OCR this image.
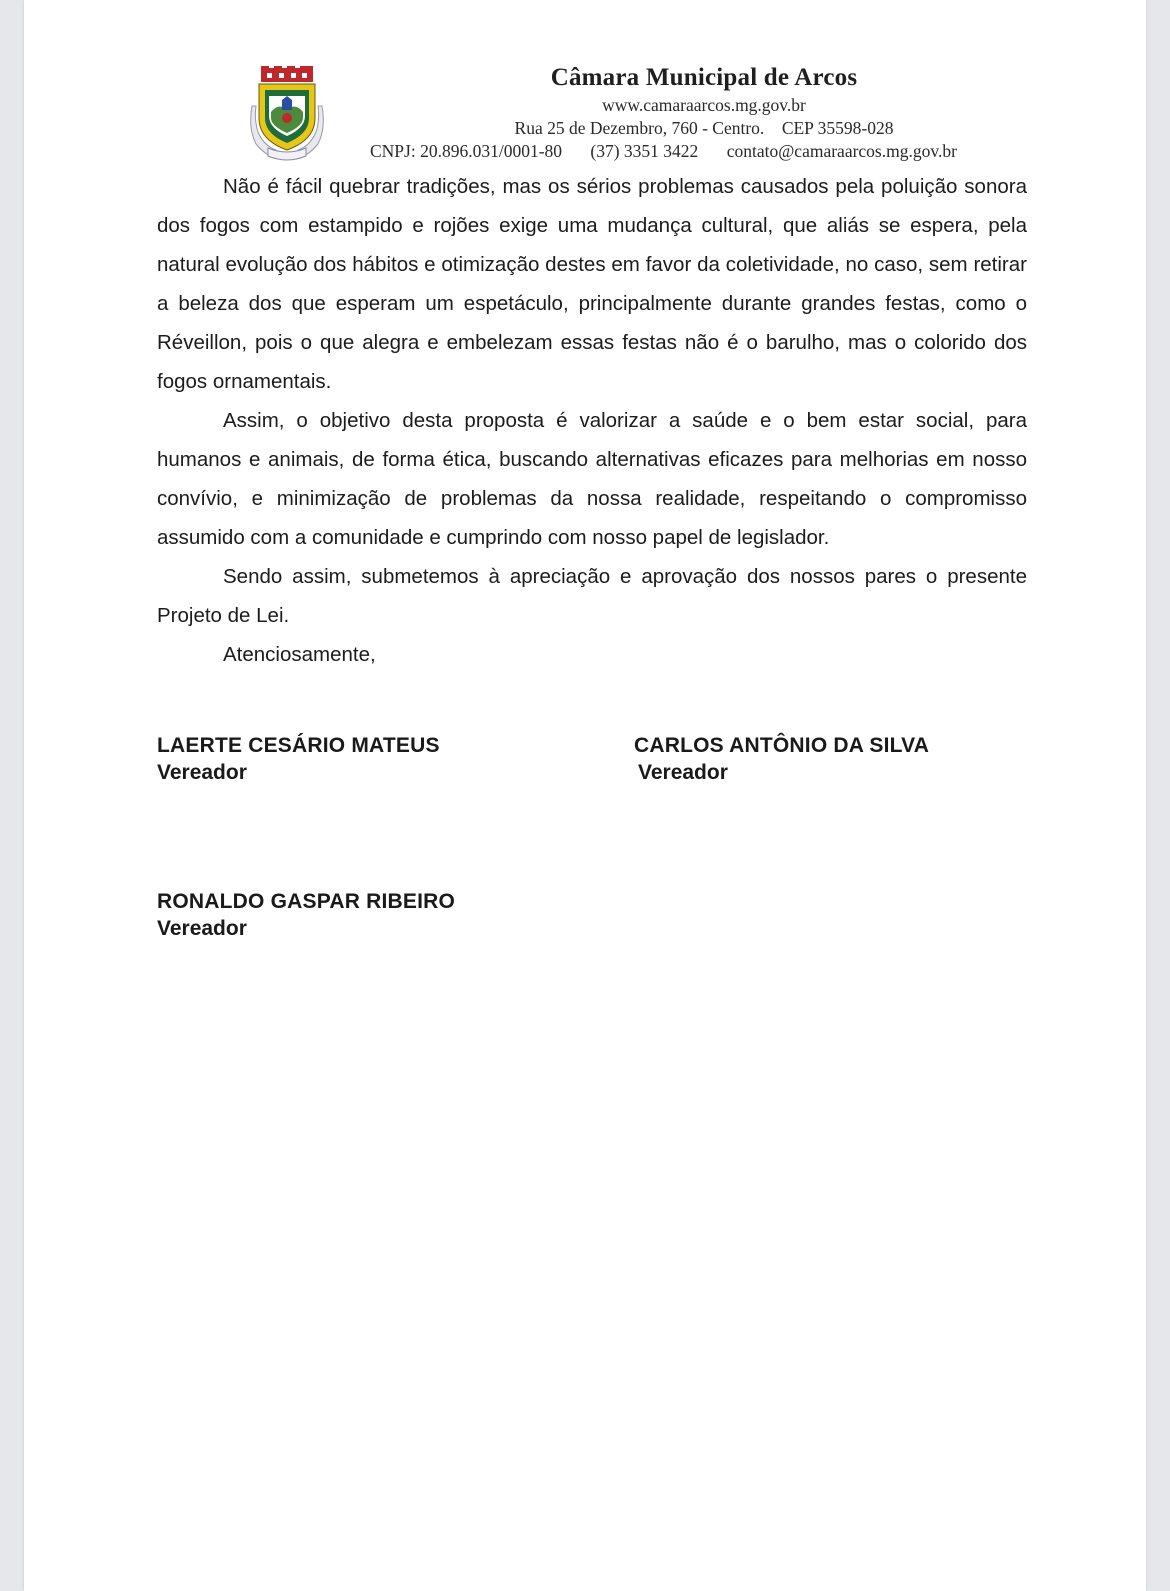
Câmara Municipal de Arcos
www.camaraarcos.mg.gov.br
Rua 25 de Dezembro, 760 - Centro. CEP 35598-028
CNPJ: 20.896.031/0001-80 (37) 3351 3422 contato@camaraarcos.mg.gov.br

Não é fácil quebrar tradições, mas os sérios problemas causados pela poluição sonora dos fogos com estampido e rojões exige uma mudança cultural, que aliás se espera, pela natural evolução dos hábitos e otimização destes em favor da coletividade, no caso, sem retirar a beleza dos que esperam um espetáculo, principalmente durante grandes festas, como o Réveillon, pois o que alegra e embelezam essas festas não é o barulho, mas o colorido dos fogos ornamentais.

Assim, o objetivo desta proposta é valorizar a saúde e o bem estar social, para humanos e animais, de forma ética, buscando alternativas eficazes para melhorias em nosso convívio, e minimização de problemas da nossa realidade, respeitando o compromisso assumido com a comunidade e cumprindo com nosso papel de legislador.

Sendo assim, submetemos à apreciação e aprovação dos nossos pares o presente Projeto de Lei.

Atenciosamente,
LAERTE CESÁRIO MATEUS
Vereador
CARLOS ANTÔNIO DA SILVA
Vereador
RONALDO GASPAR RIBEIRO
Vereador
